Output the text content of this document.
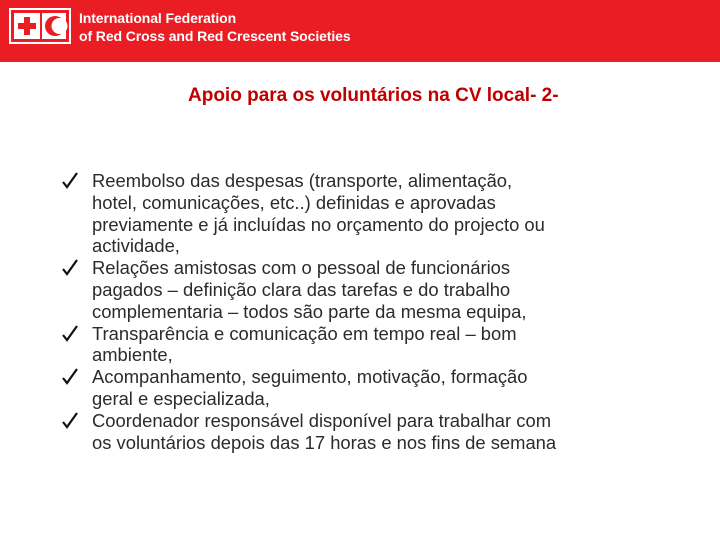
International Federation
of Red Cross and Red Crescent Societies
Apoio para os voluntários na CV local- 2-
Reembolso das despesas (transporte, alimentação,
hotel, comunicações, etc..) definidas e aprovadas
previamente e já incluídas no orçamento do projecto ou
actividade,
Relações amistosas com o pessoal de funcionários
pagados – definição clara das tarefas e do trabalho
complementaria – todos são parte da mesma equipa,
Transparência e comunicação em tempo real – bom
ambiente,
Acompanhamento, seguimento, motivação, formação
geral e especializada,
Coordenador responsável disponível para trabalhar com
os voluntários depois das 17 horas e nos fins de semana
